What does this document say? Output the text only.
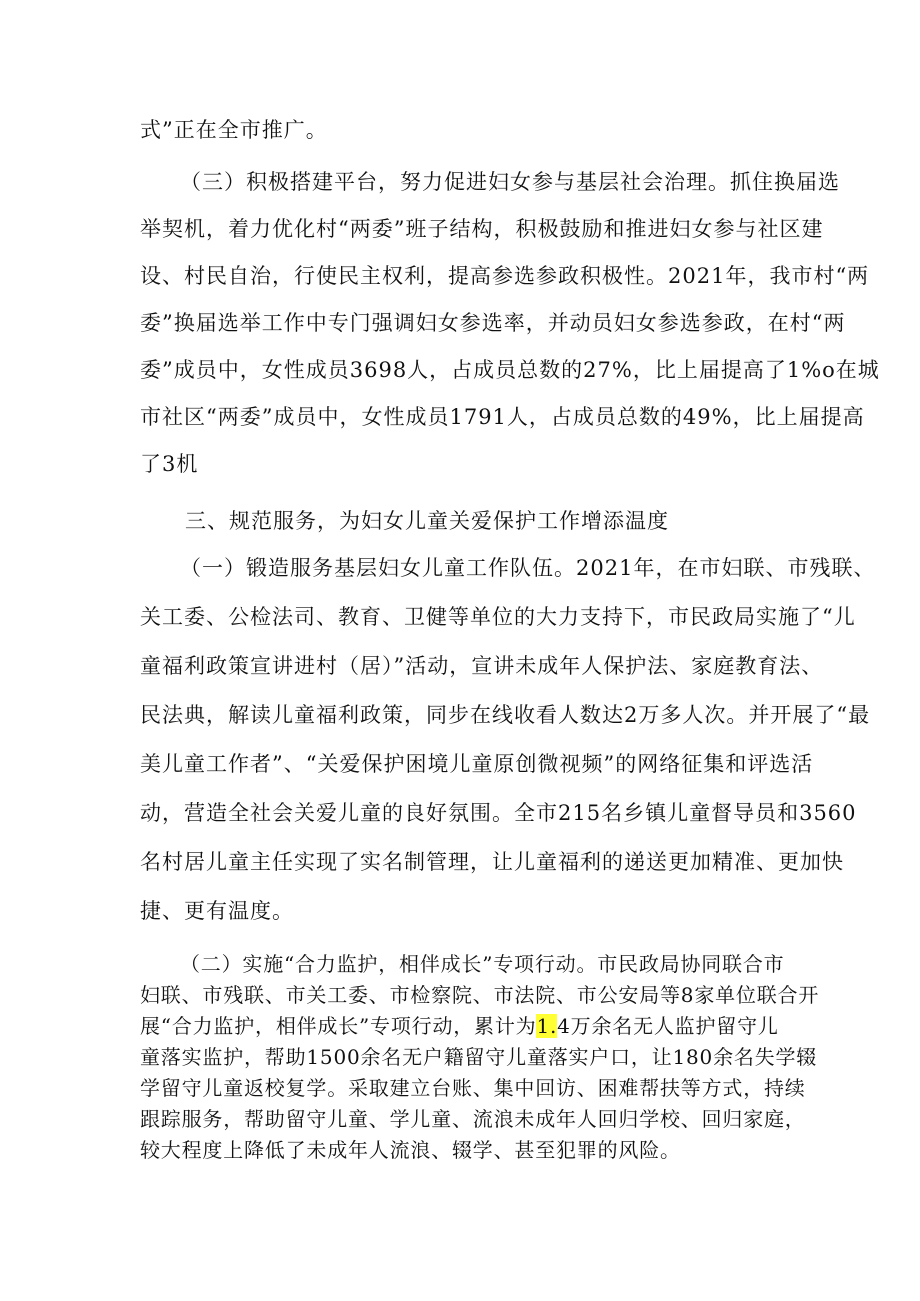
式”正在全市推广。
（三）积极搭建平台，努力促进妇女参与基层社会治理。抓住换届选
举契机，着力优化村“两委”班子结构，积极鼓励和推进妇女参与社区建
设、村民自治，行使民主权利，提高参选参政积极性。2021年，我市村“两
委”换届选举工作中专门强调妇女参选率，并动员妇女参选参政，在村“两
委”成员中，女性成员3698人，占成员总数的27%，比上届提高了1%o在城
市社区“两委”成员中，女性成员1791人，占成员总数的49%，比上届提高
了3机
三、规范服务，为妇女儿童关爱保护工作增添温度
（一）锻造服务基层妇女儿童工作队伍。2021年，在市妇联、市残联、
关工委、公检法司、教育、卫健等单位的大力支持下，市民政局实施了“儿
童福利政策宣讲进村（居）”活动，宣讲未成年人保护法、家庭教育法、
民法典，解读儿童福利政策，同步在线收看人数达2万多人次。并开展了“最
美儿童工作者”、“关爱保护困境儿童原创微视频”的网络征集和评选活
动，营造全社会关爱儿童的良好氛围。全市215名乡镇儿童督导员和3560
名村居儿童主任实现了实名制管理，让儿童福利的递送更加精准、更加快
捷、更有温度。
（二）实施“合力监护，相伴成长”专项行动。市民政局协同联合市
妇联、市残联、市关工委、市检察院、市法院、市公安局等8家单位联合开
展“合力监护，相伴成长”专项行动，累计为1.4万余名无人监护留守儿
童落实监护，帮助1500余名无户籍留守儿童落实户口，让180余名失学辍
学留守儿童返校复学。采取建立台账、集中回访、困难帮扶等方式，持续
跟踪服务，帮助留守儿童、学儿童、流浪未成年人回归学校、回归家庭，
较大程度上降低了未成年人流浪、辍学、甚至犯罪的风险。
